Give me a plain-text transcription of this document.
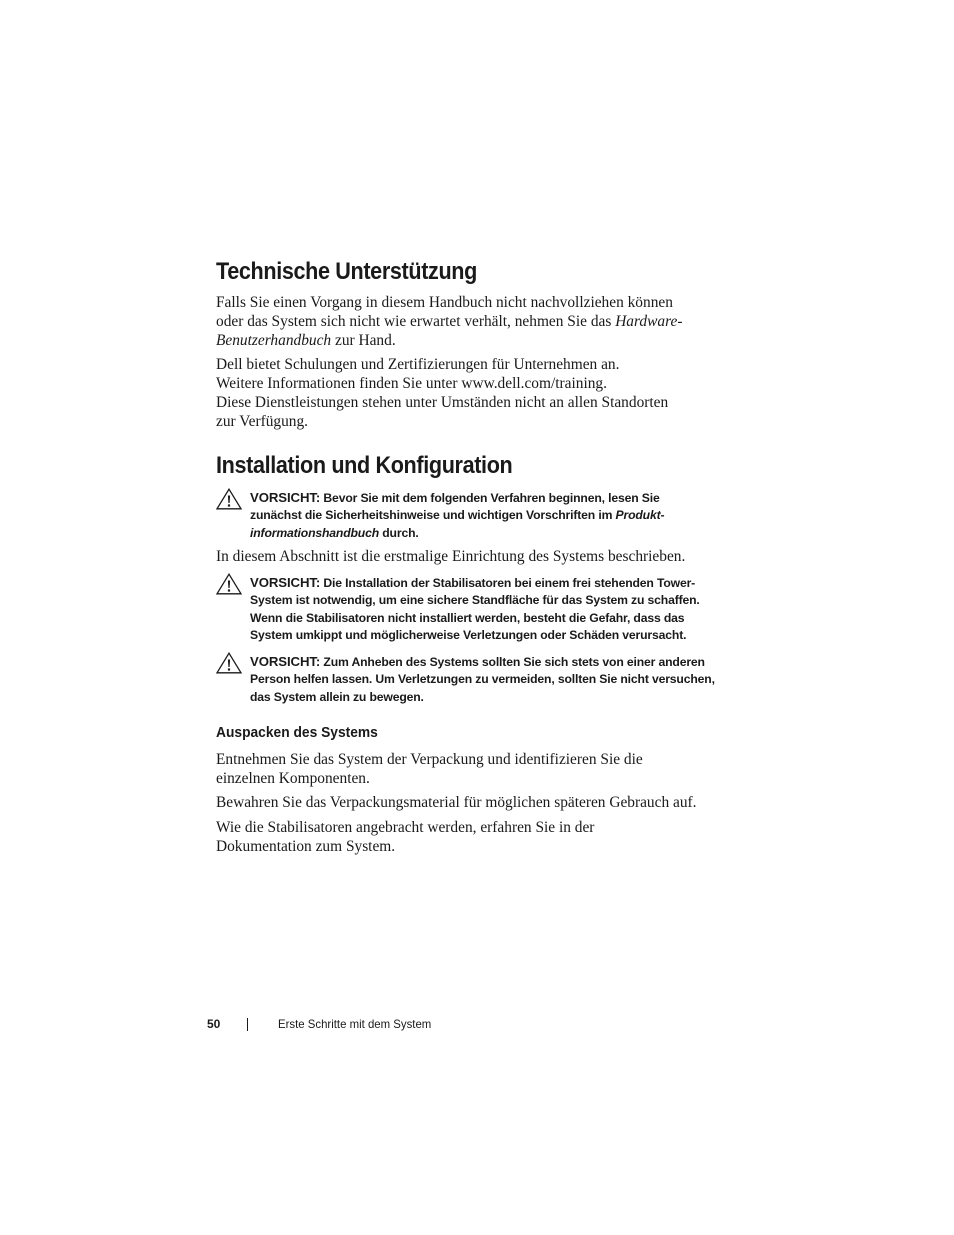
Technische Unterstützung

Falls Sie einen Vorgang in diesem Handbuch nicht nachvollziehen können
oder das System sich nicht wie erwartet verhält, nehmen Sie das Hardware-
Benutzerhandbuch zur Hand.

Dell bietet Schulungen und Zertifizierungen für Unternehmen an.
Weitere Informationen finden Sie unter www.dell.com/training.
Diese Dienstleistungen stehen unter Umständen nicht an allen Standorten
zur Verfügung.

Installation und Konfiguration
VORSICHT: Bevor Sie mit dem folgenden Verfahren beginnen, lesen Sie
zunächst die Sicherheitshinweise und wichtigen Vorschriften im Produkt-
informationshandbuch durch.

In diesem Abschnitt ist die erstmalige Einrichtung des Systems beschrieben.

VORSICHT: Die Installation der Stabilisatoren bei einem frei stehenden Tower-
System ist notwendig, um eine sichere Standfläche für das System zu schaffen.
Wenn die Stabilisatoren nicht installiert werden, besteht die Gefahr, dass das
System umkippt und möglicherweise Verletzungen oder Schäden verursacht.
VORSICHT: Zum Anheben des Systems sollten Sie sich stets von einer anderen
Person helfen lassen. Um Verletzungen zu vermeiden, sollten Sie nicht versuchen,
das System allein zu bewegen.
Auspacken des Systems

Entnehmen Sie das System der Verpackung und identifizieren Sie die
einzelnen Komponenten.

Bewahren Sie das Verpackungsmaterial für möglichen späteren Gebrauch auf.

Wie die Stabilisatoren angebracht werden, erfahren Sie in der
Dokumentation zum System.

50	Erste Schritte mit dem System
